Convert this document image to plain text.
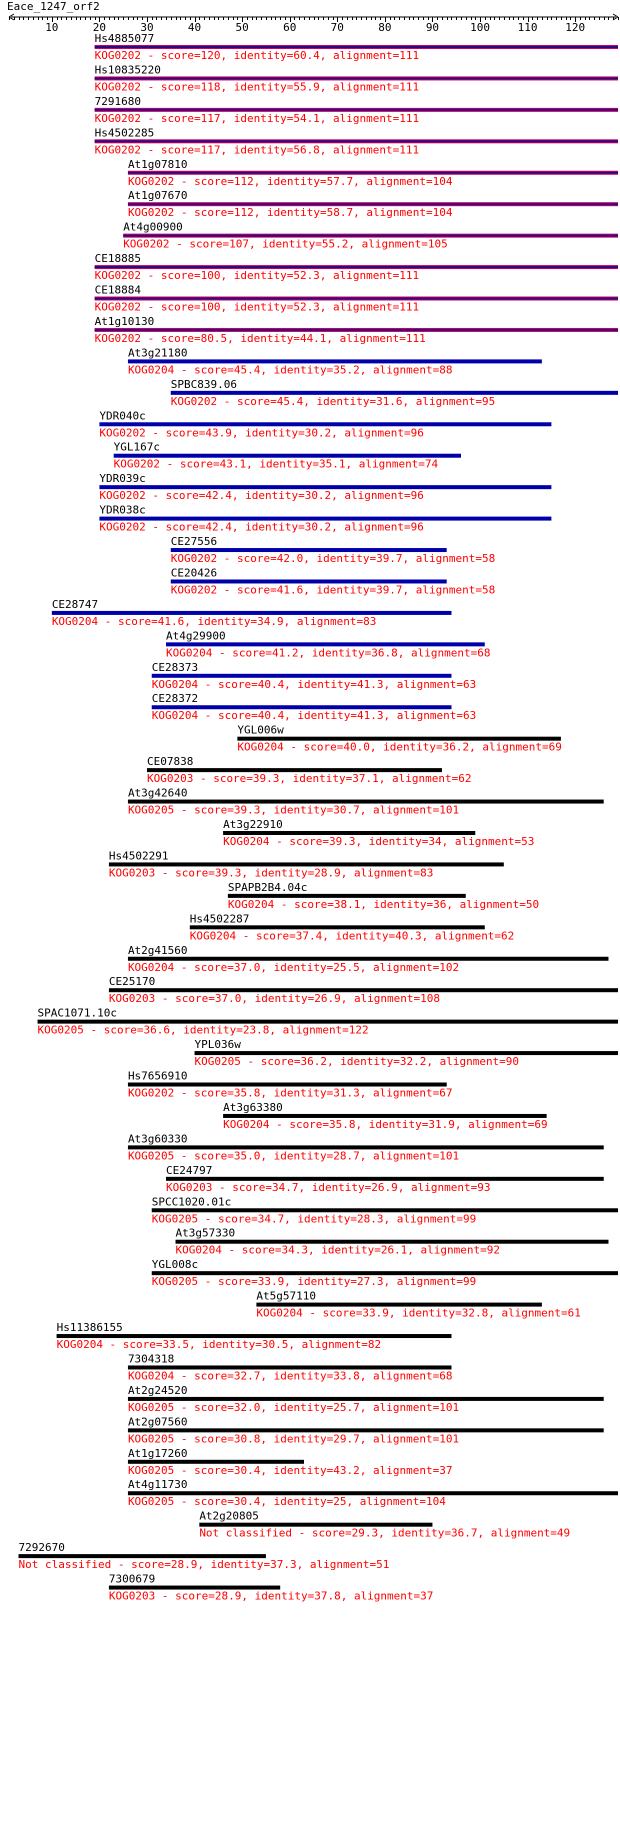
Eace_1247_orf2
10	20	30	40	50	60	70	80	90	100	110	120
Hs4885077
KOG0202 - score=120, identity=60.4, alignment=111
Hs10835220
KOG0202 - score=118, identity=55.9, alignment=111
7291680
KOG0202 - score=117, identity=54.1, alignment=111
Hs4502285
KOG0202 - score=117, identity=56.8, alignment=111
At1g07810
KOG0202 - score=112, identity=57.7, alignment=104
At1g07670
KOG0202 - score=112, identity=58.7, alignment=104
At4g00900
KOG0202 - score=107, identity=55.2, alignment=105
CE18885
KOG0202 - score=100, identity=52.3, alignment=111
CE18884
KOG0202 - score=100, identity=52.3, alignment=111
At1g10130
KOG0202 - score=80.5, identity=44.1, alignment=111
At3g21180
KOG0204 - score=45.4, identity=35.2, alignment=88
SPBC839.06
KOG0202 - score=45.4, identity=31.6, alignment=95
YDR040c
KOG0202 - score=43.9, identity=30.2, alignment=96
YGL167c
KOG0202 - score=43.1, identity=35.1, alignment=74
YDR039c
KOG0202 - score=42.4, identity=30.2, alignment=96
YDR038c
KOG0202 - score=42.4, identity=30.2, alignment=96
CE27556
KOG0202 - score=42.0, identity=39.7, alignment=58
CE20426
KOG0202 - score=41.6, identity=39.7, alignment=58
CE28747
KOG0204 - score=41.6, identity=34.9, alignment=83
At4g29900
KOG0204 - score=41.2, identity=36.8, alignment=68
CE28373
KOG0204 - score=40.4, identity=41.3, alignment=63
CE28372
KOG0204 - score=40.4, identity=41.3, alignment=63
YGL006w
KOG0204 - score=40.0, identity=36.2, alignment=69
CE07838
KOG0203 - score=39.3, identity=37.1, alignment=62
At3g42640
KOG0205 - score=39.3, identity=30.7, alignment=101
At3g22910
KOG0204 - score=39.3, identity=34, alignment=53
Hs4502291
KOG0203 - score=39.3, identity=28.9, alignment=83
SPAPB2B4.04c
KOG0204 - score=38.1, identity=36, alignment=50
Hs4502287
KOG0204 - score=37.4, identity=40.3, alignment=62
At2g41560
KOG0204 - score=37.0, identity=25.5, alignment=102
CE25170
KOG0203 - score=37.0, identity=26.9, alignment=108
SPAC1071.10c
KOG0205 - score=36.6, identity=23.8, alignment=122
YPL036w
KOG0205 - score=36.2, identity=32.2, alignment=90
Hs7656910
KOG0202 - score=35.8, identity=31.3, alignment=67
At3g63380
KOG0204 - score=35.8, identity=31.9, alignment=69
At3g60330
KOG0205 - score=35.0, identity=28.7, alignment=101
CE24797
KOG0203 - score=34.7, identity=26.9, alignment=93
SPCC1020.01c
KOG0205 - score=34.7, identity=28.3, alignment=99
At3g57330
KOG0204 - score=34.3, identity=26.1, alignment=92
YGL008c
KOG0205 - score=33.9, identity=27.3, alignment=99
At5g57110
KOG0204 - score=33.9, identity=32.8, alignment=61
Hs11386155
KOG0204 - score=33.5, identity=30.5, alignment=82
7304318
KOG0204 - score=32.7, identity=33.8, alignment=68
At2g24520
KOG0205 - score=32.0, identity=25.7, alignment=101
At2g07560
KOG0205 - score=30.8, identity=29.7, alignment=101
At1g17260
KOG0205 - score=30.4, identity=43.2, alignment=37
At4g11730
KOG0205 - score=30.4, identity=25, alignment=104
At2g20805
Not classified - score=29.3, identity=36.7, alignment=49
7292670
Not classified - score=28.9, identity=37.3, alignment=51
7300679
KOG0203 - score=28.9, identity=37.8, alignment=37
